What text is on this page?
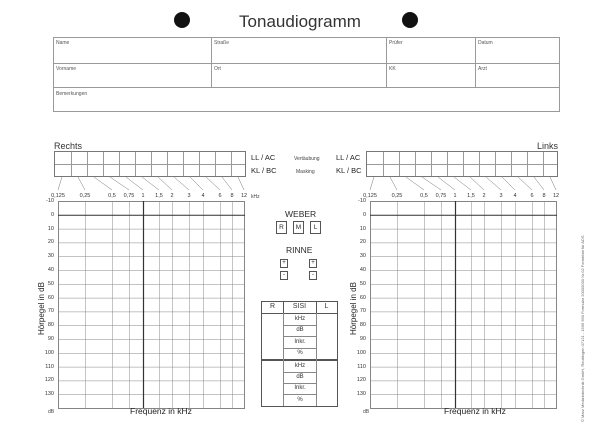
Tonaudiogramm
Name	Straße	Prüfer	Datum
Vorname	Ort	KK	Arzt
Bemerkungen
Rechts	Links
LL / AC
KL / BC
Vertäubung
Masking
LL / AC
KL / BC
0,125	0,25	0,5 0,75 1 1,5 2	3 4	6 8 12
-10
0
10
20
30
40
50
60
70
80
90
100
110
120
130
0,125	0,25	0,5 0,75 1 1,5 2	3 4	6 8 12
-10
0
10
20
30
40
50
60
70
80
90
100
110
120
130
Hörpegel in dB	Hörpegel in dB
Frequenz in kHz	Frequenz in kHz
kHz
dB	dB
WEBER
R	M	L
RINNE
+
-
+
-
R	SISI	L
kHz
dB
Inkr.
%
kHz
dB
Inkr.
%	© Marz Medizintechnik GmbH, Reutlingen 07121 - 1596 590 Formular 20000030 Nr.02 Formblatt für ADS
